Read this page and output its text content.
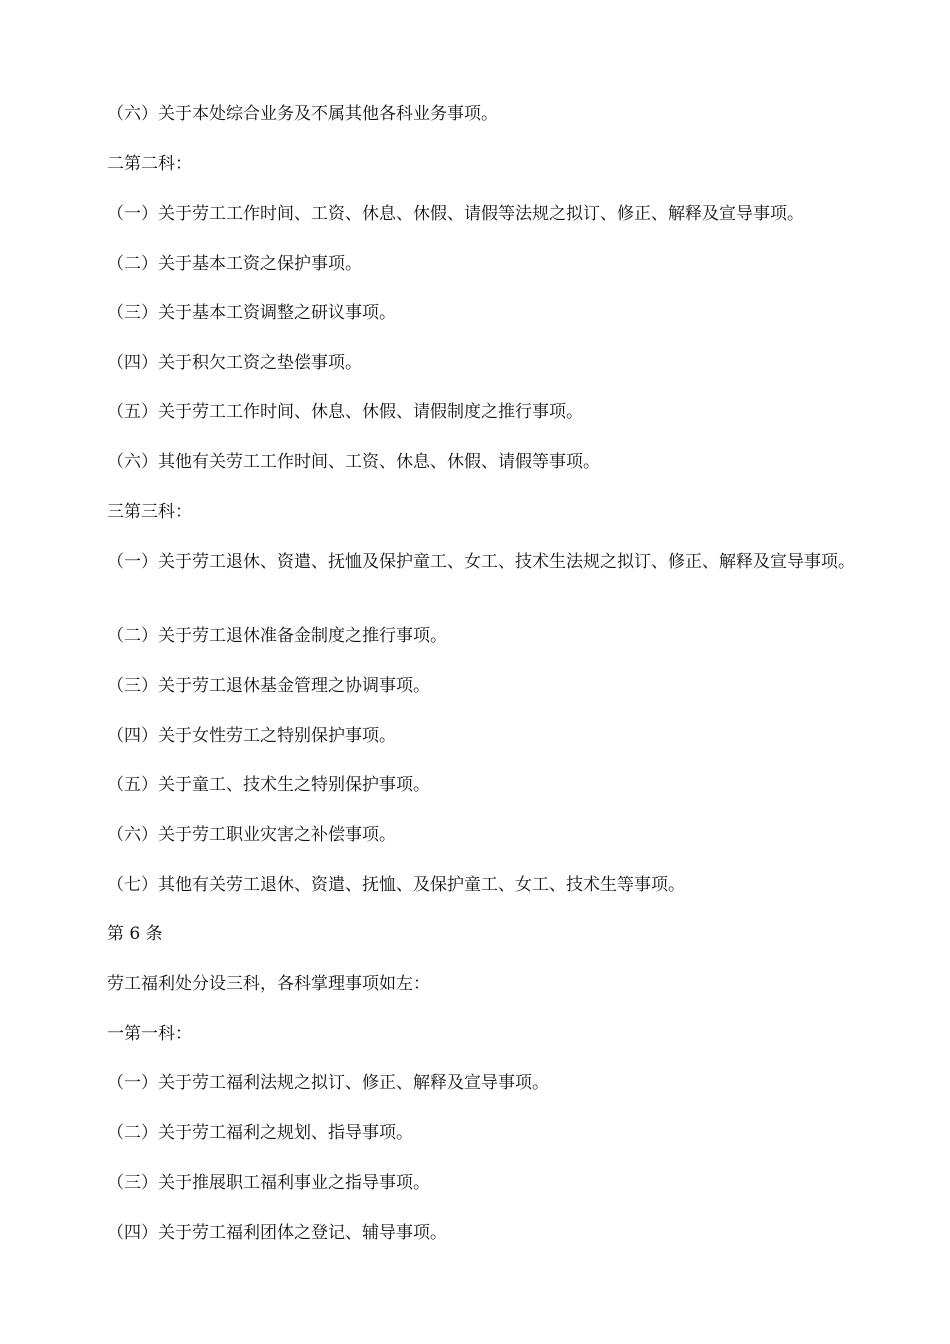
（六）关于本处综合业务及不属其他各科业务事项。

二第二科：

（一）关于劳工工作时间、工资、休息、休假、请假等法规之拟订、修正、解释及宣导事项。

（二）关于基本工资之保护事项。

（三）关于基本工资调整之研议事项。

（四）关于积欠工资之垫偿事项。

（五）关于劳工工作时间、休息、休假、请假制度之推行事项。

（六）其他有关劳工工作时间、工资、休息、休假、请假等事项。

三第三科：

（一）关于劳工退休、资遣、抚恤及保护童工、女工、技术生法规之拟订、修正、解释及宣导事项。

（二）关于劳工退休准备金制度之推行事项。

（三）关于劳工退休基金管理之协调事项。

（四）关于女性劳工之特别保护事项。

（五）关于童工、技术生之特别保护事项。

（六）关于劳工职业灾害之补偿事项。

（七）其他有关劳工退休、资遣、抚恤、及保护童工、女工、技术生等事项。

第 6 条

劳工福利处分设三科，各科掌理事项如左：

一第一科：

（一）关于劳工福利法规之拟订、修正、解释及宣导事项。

（二）关于劳工福利之规划、指导事项。

（三）关于推展职工福利事业之指导事项。

（四）关于劳工福利团体之登记、辅导事项。
